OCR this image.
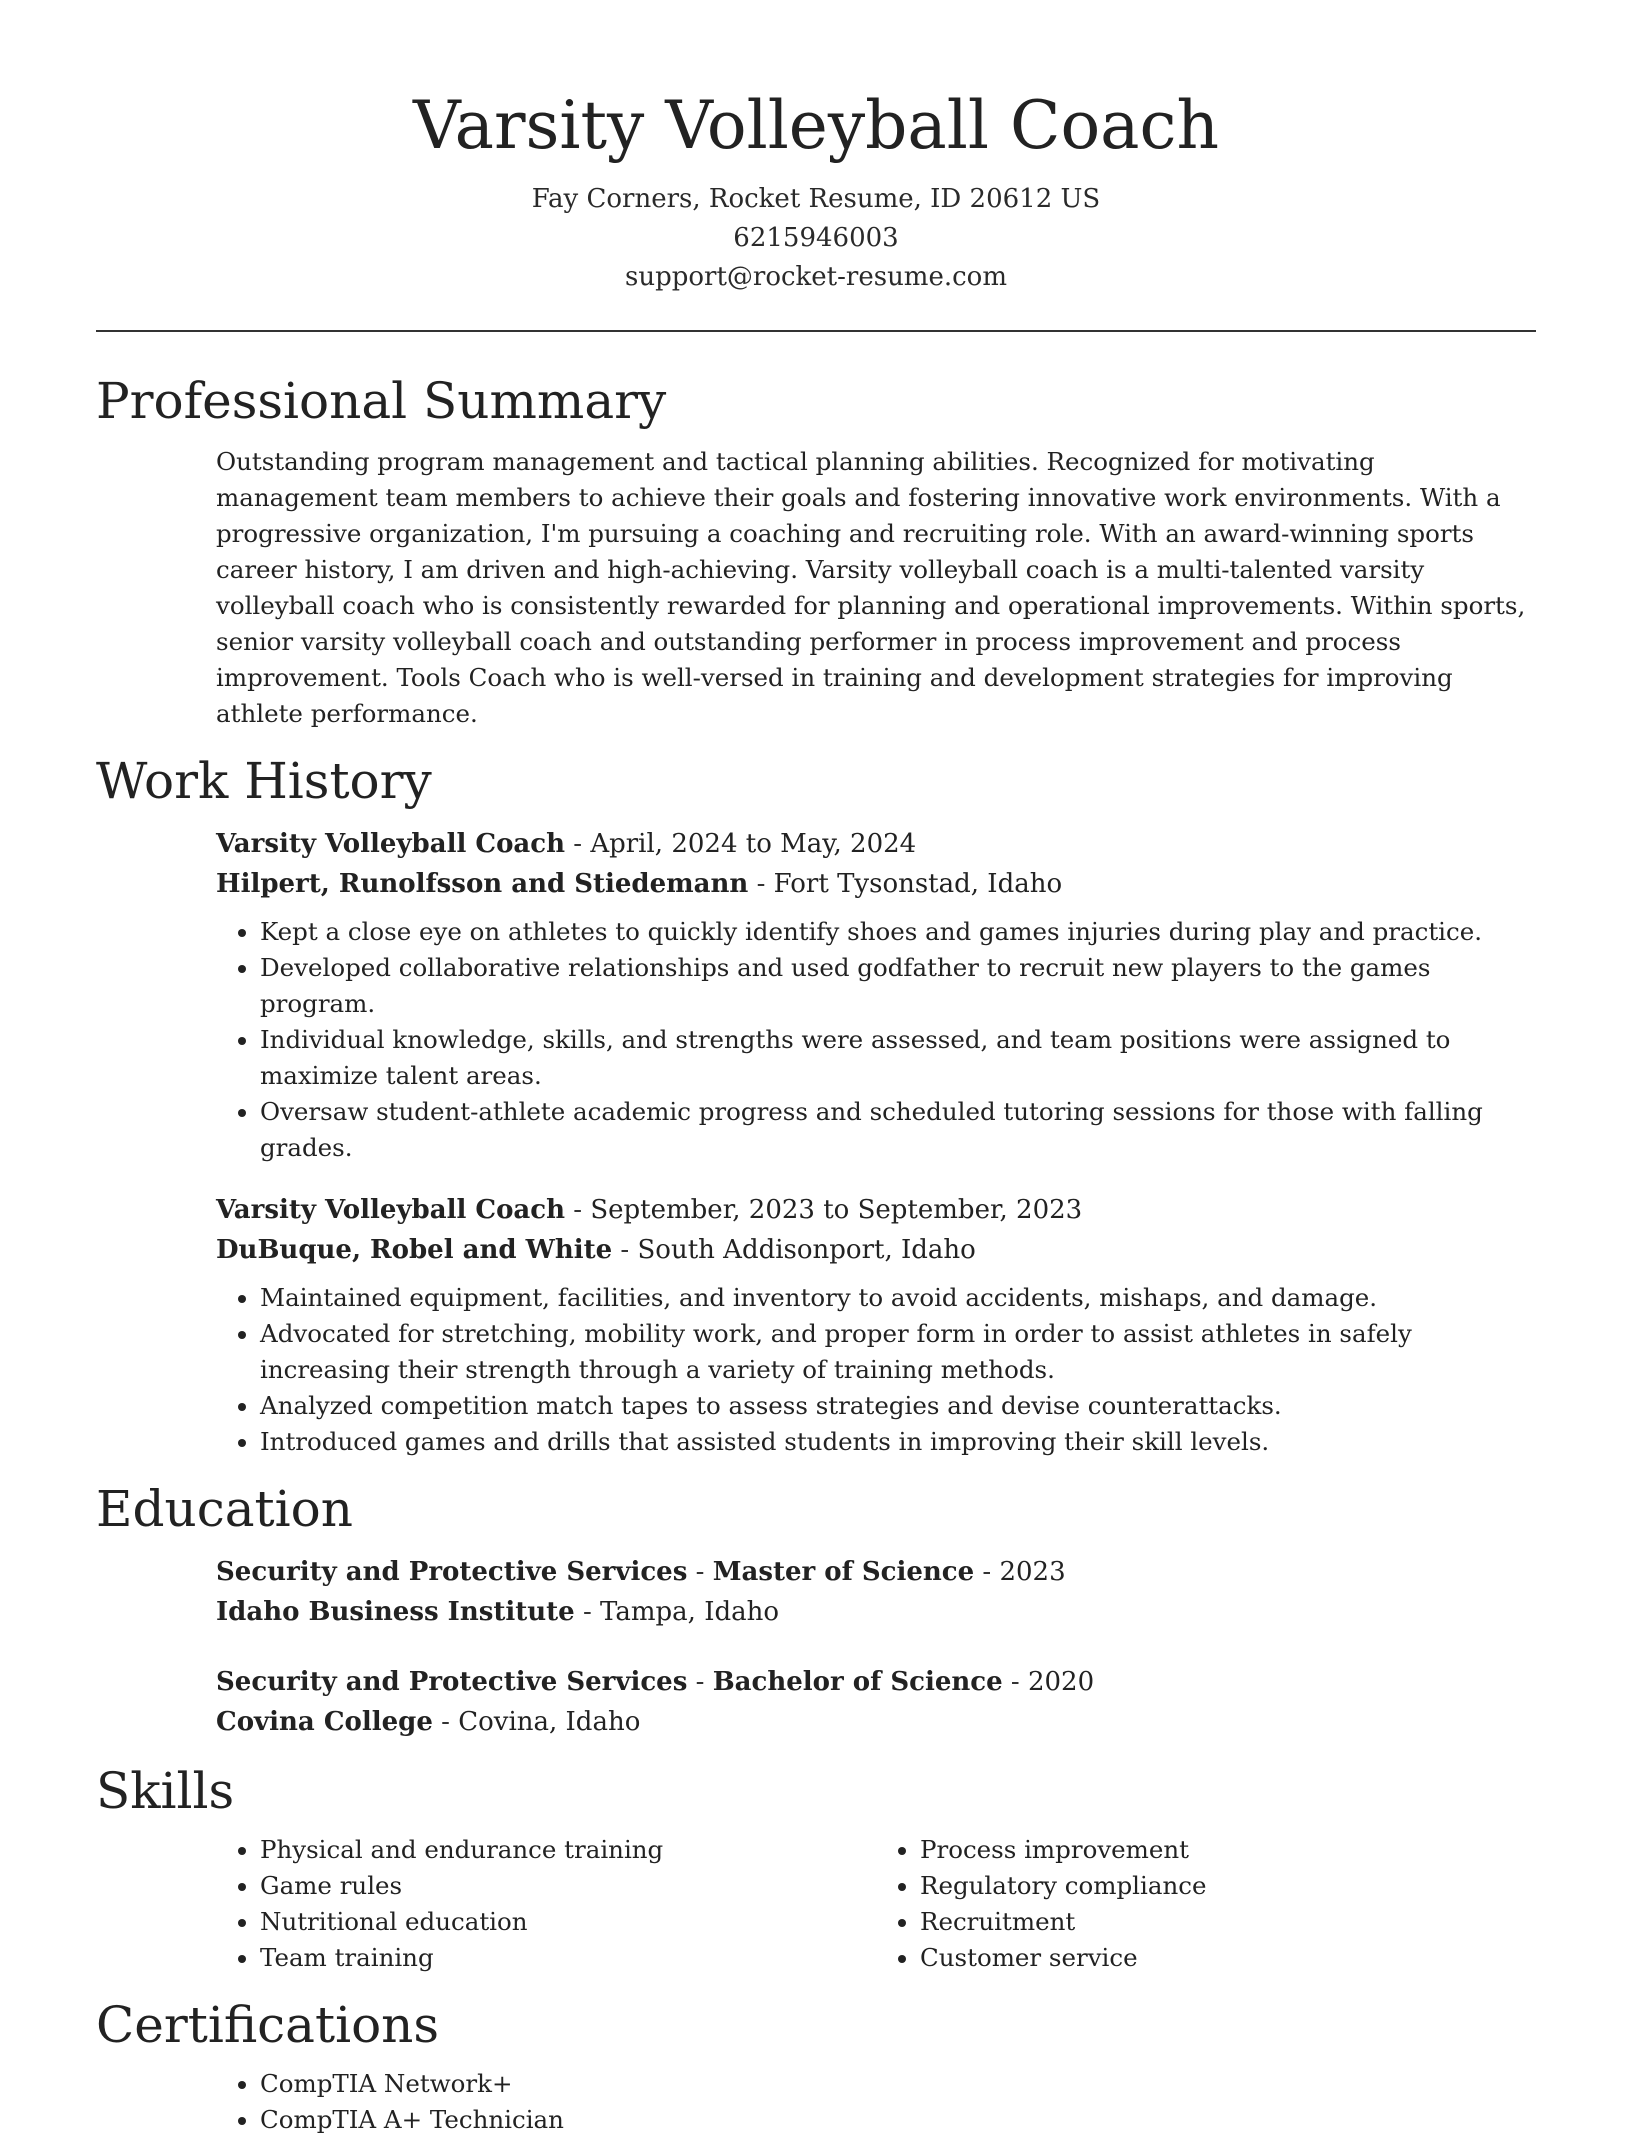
Varsity Volleyball Coach
Fay Corners, Rocket Resume, ID 20612 US
6215946003
support@rocket-resume.com
Professional Summary
Outstanding program management and tactical planning abilities. Recognized for motivating management team members to achieve their goals and fostering innovative work environments. With a progressive organization, I'm pursuing a coaching and recruiting role. With an award-winning sports career history, I am driven and high-achieving. Varsity volleyball coach is a multi-talented varsity volleyball coach who is consistently rewarded for planning and operational improvements. Within sports, senior varsity volleyball coach and outstanding performer in process improvement and process improvement. Tools Coach who is well-versed in training and development strategies for improving athlete performance.
Work History
Varsity Volleyball Coach - April, 2024 to May, 2024
Hilpert, Runolfsson and Stiedemann - Fort Tysonstad, Idaho
• Kept a close eye on athletes to quickly identify shoes and games injuries during play and practice.
• Developed collaborative relationships and used godfather to recruit new players to the games program.
• Individual knowledge, skills, and strengths were assessed, and team positions were assigned to maximize talent areas.
• Oversaw student-athlete academic progress and scheduled tutoring sessions for those with falling grades.
Varsity Volleyball Coach - September, 2023 to September, 2023
DuBuque, Robel and White - South Addisonport, Idaho
• Maintained equipment, facilities, and inventory to avoid accidents, mishaps, and damage.
• Advocated for stretching, mobility work, and proper form in order to assist athletes in safely increasing their strength through a variety of training methods.
• Analyzed competition match tapes to assess strategies and devise counterattacks.
• Introduced games and drills that assisted students in improving their skill levels.
Education
Security and Protective Services - Master of Science - 2023
Idaho Business Institute - Tampa, Idaho
Security and Protective Services - Bachelor of Science - 2020
Covina College - Covina, Idaho
Skills
• Physical and endurance training
• Game rules
• Nutritional education
• Team training
• Process improvement
• Regulatory compliance
• Recruitment
• Customer service
Certifications
• CompTIA Network+
• CompTIA A+ Technician
